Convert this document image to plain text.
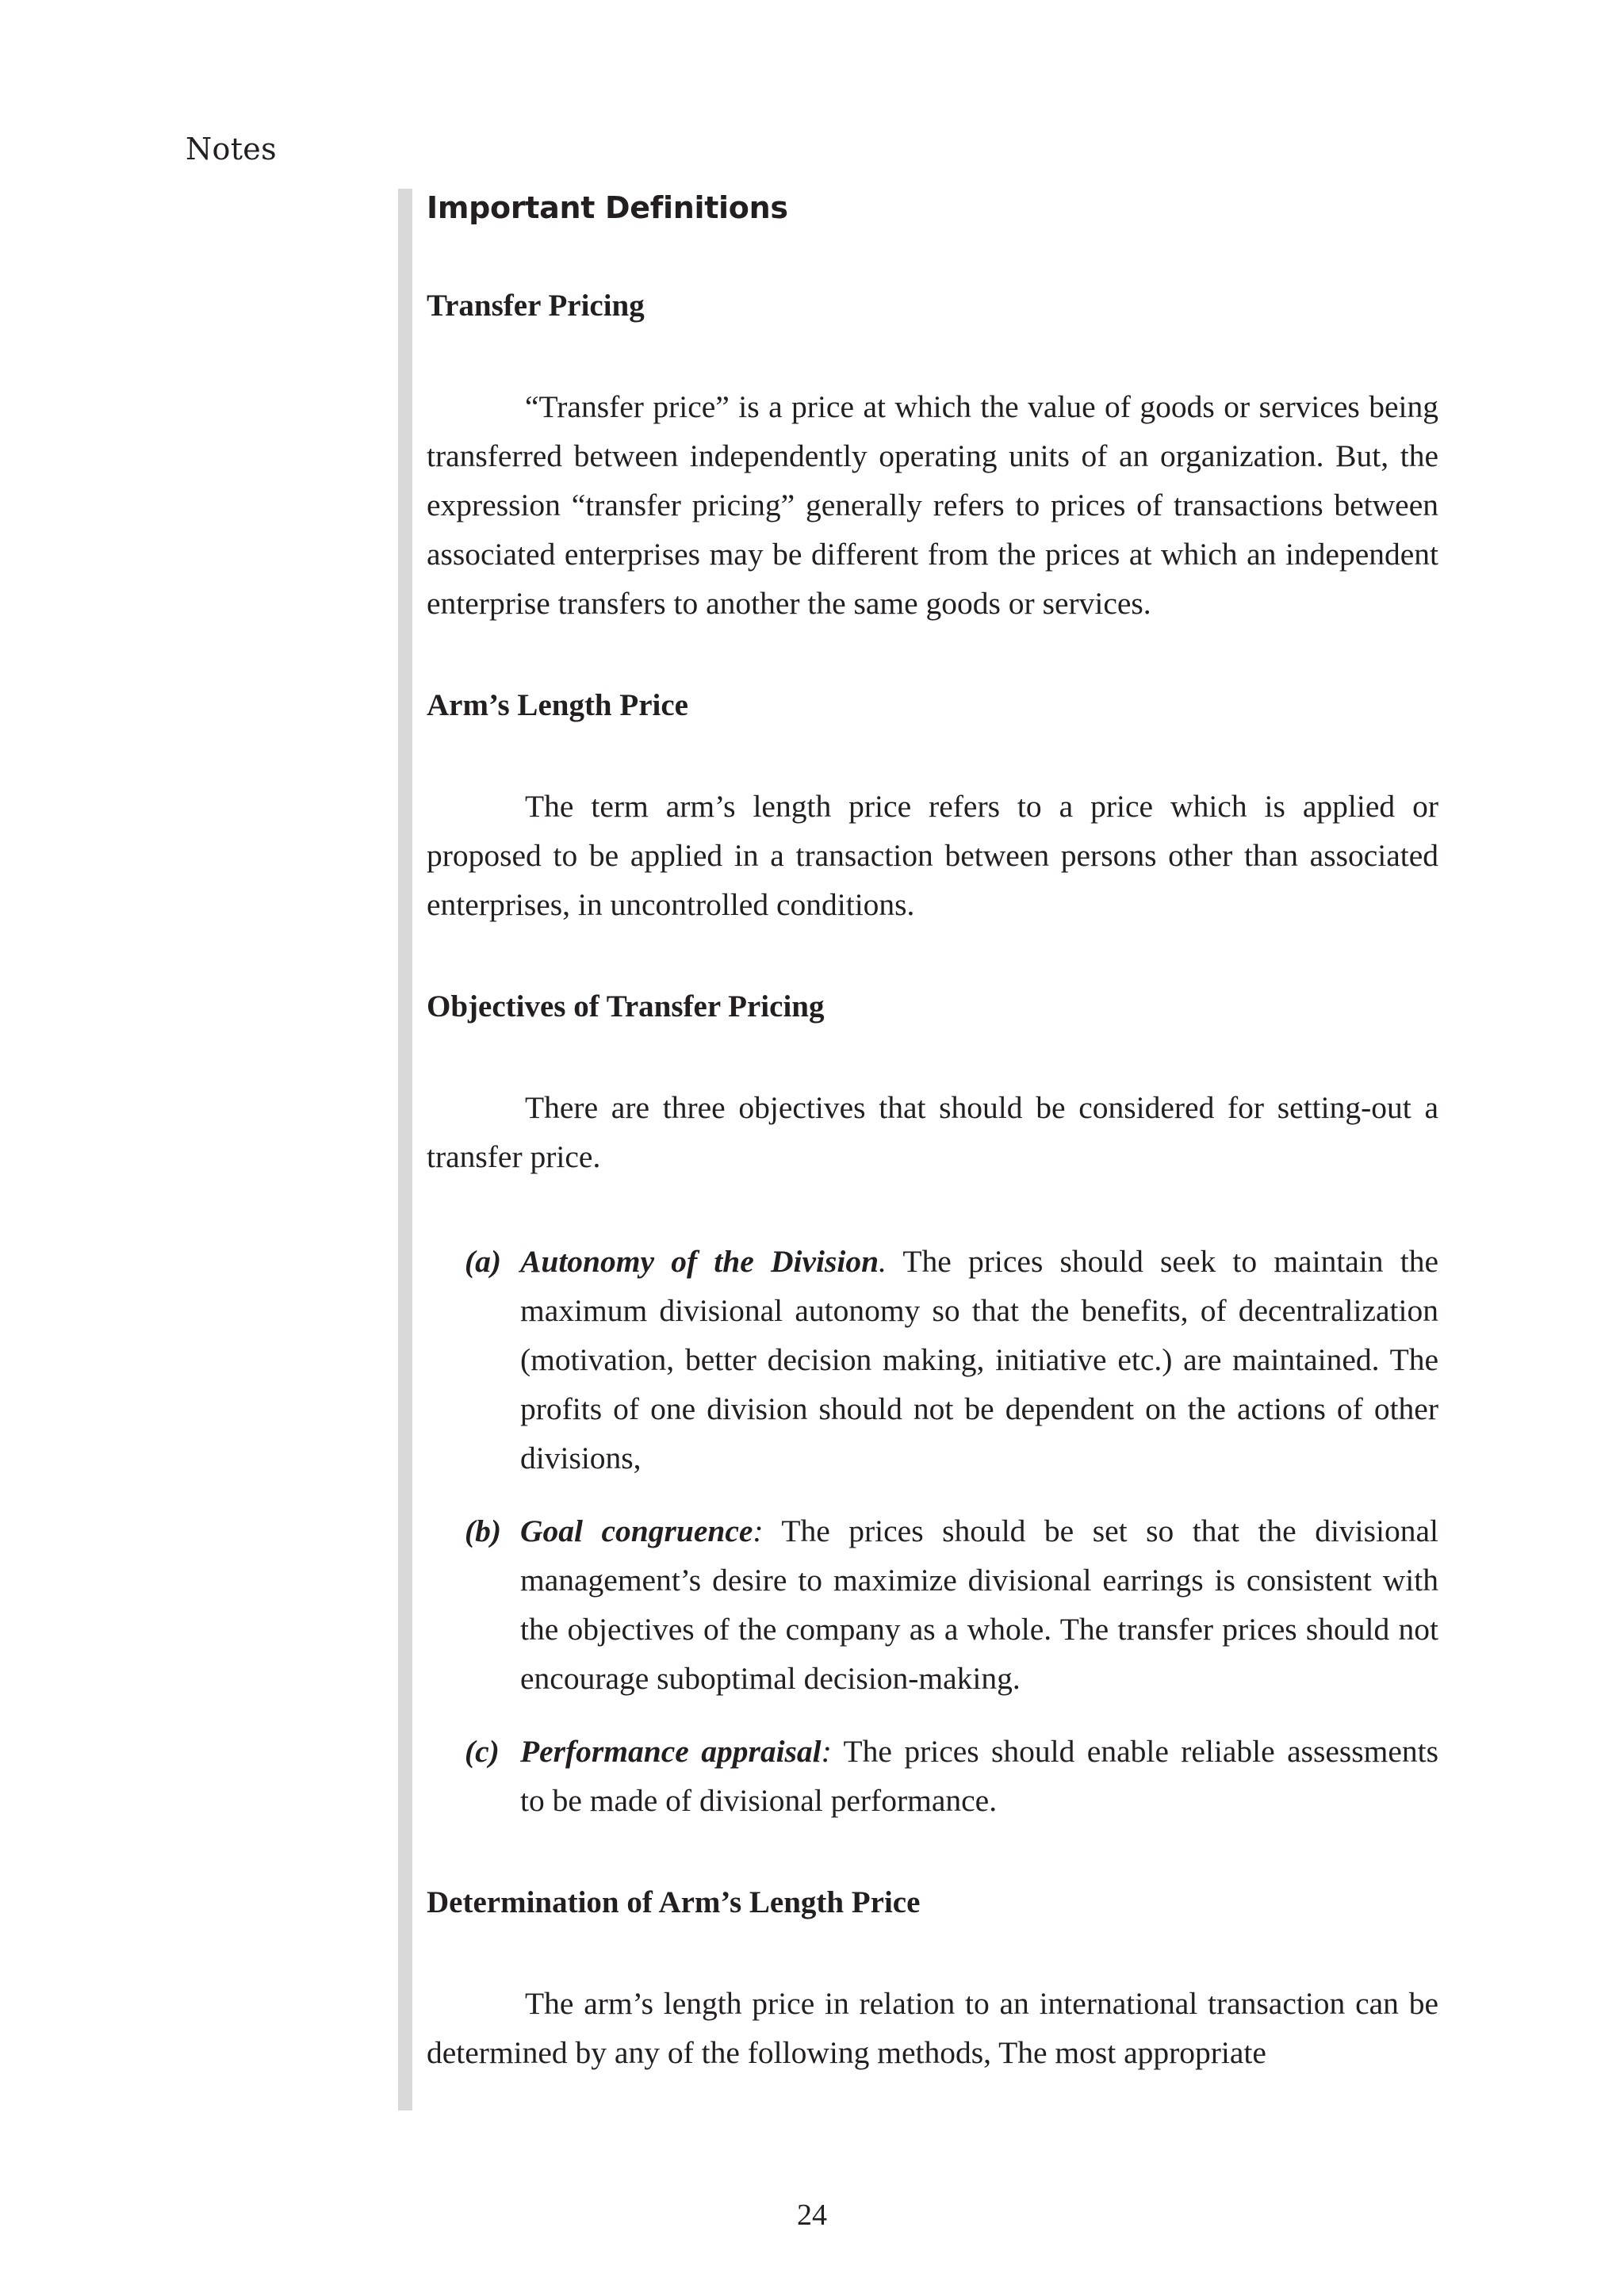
Notes
Important Definitions
Transfer Pricing

“Transfer price” is a price at which the value of goods or services being transferred between independently operating units of an organization. But, the expression “transfer pricing” generally refers to prices of transactions between associated enterprises may be different from the prices at which an independent enterprise transfers to another the same goods or services.

Arm’s Length Price

The term arm’s length price refers to a price which is applied or proposed to be applied in a transaction between persons other than associated enterprises, in uncontrolled conditions.

Objectives of Transfer Pricing

There are three objectives that should be considered for setting-out a transfer price.

(a) Autonomy of the Division. The prices should seek to maintain the maximum divisional autonomy so that the benefits, of decentralization (motivation, better decision making, initiative etc.) are maintained. The profits of one division should not be dependent on the actions of other divisions,
(b) Goal congruence: The prices should be set so that the divisional management’s desire to maximize divisional earrings is consistent with the objectives of the company as a whole. The transfer prices should not encourage suboptimal decision-making.
(c) Performance appraisal: The prices should enable reliable assessments to be made of divisional performance.
Determination of Arm’s Length Price

The arm’s length price in relation to an international transaction can be determined by any of the following methods, The most appropriate

24
